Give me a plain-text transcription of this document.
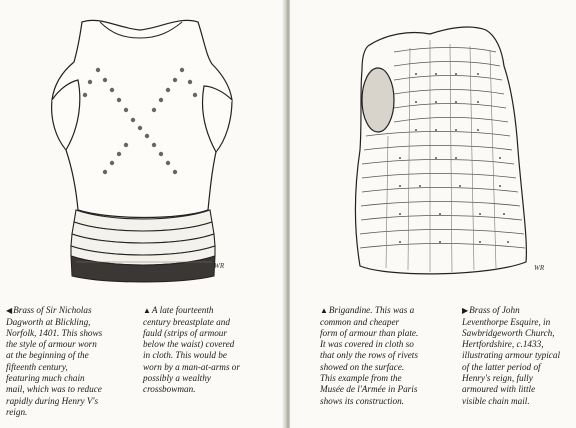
WR

◀Brass of Sir Nicholas
Dagworth at Blickling,
Norfolk, 1401. This shows
the style of armour worn
at the beginning of the
fifteenth century,
featuring much chain
mail, which was to reduce
rapidly during Henry V's
reign.

▲A late fourteenth
century breastplate and
fauld (strips of armour
below the waist) covered
in cloth. This would be
worn by a man-at-arms or
possibly a wealthy
crossbowman.

WR

▲Brigandine. This was a
common and cheaper
form of armour than plate.
It was covered in cloth so
that only the rows of rivets
showed on the surface.
This example from the
Musée de l'Armée in Paris
shows its construction.

▶Brass of John
Leventhorpe Esquire, in
Sawbridgeworth Church,
Hertfordshire, c.1433,
illustrating armour typical
of the latter period of
Henry's reign, fully
armoured with little
visible chain mail.
